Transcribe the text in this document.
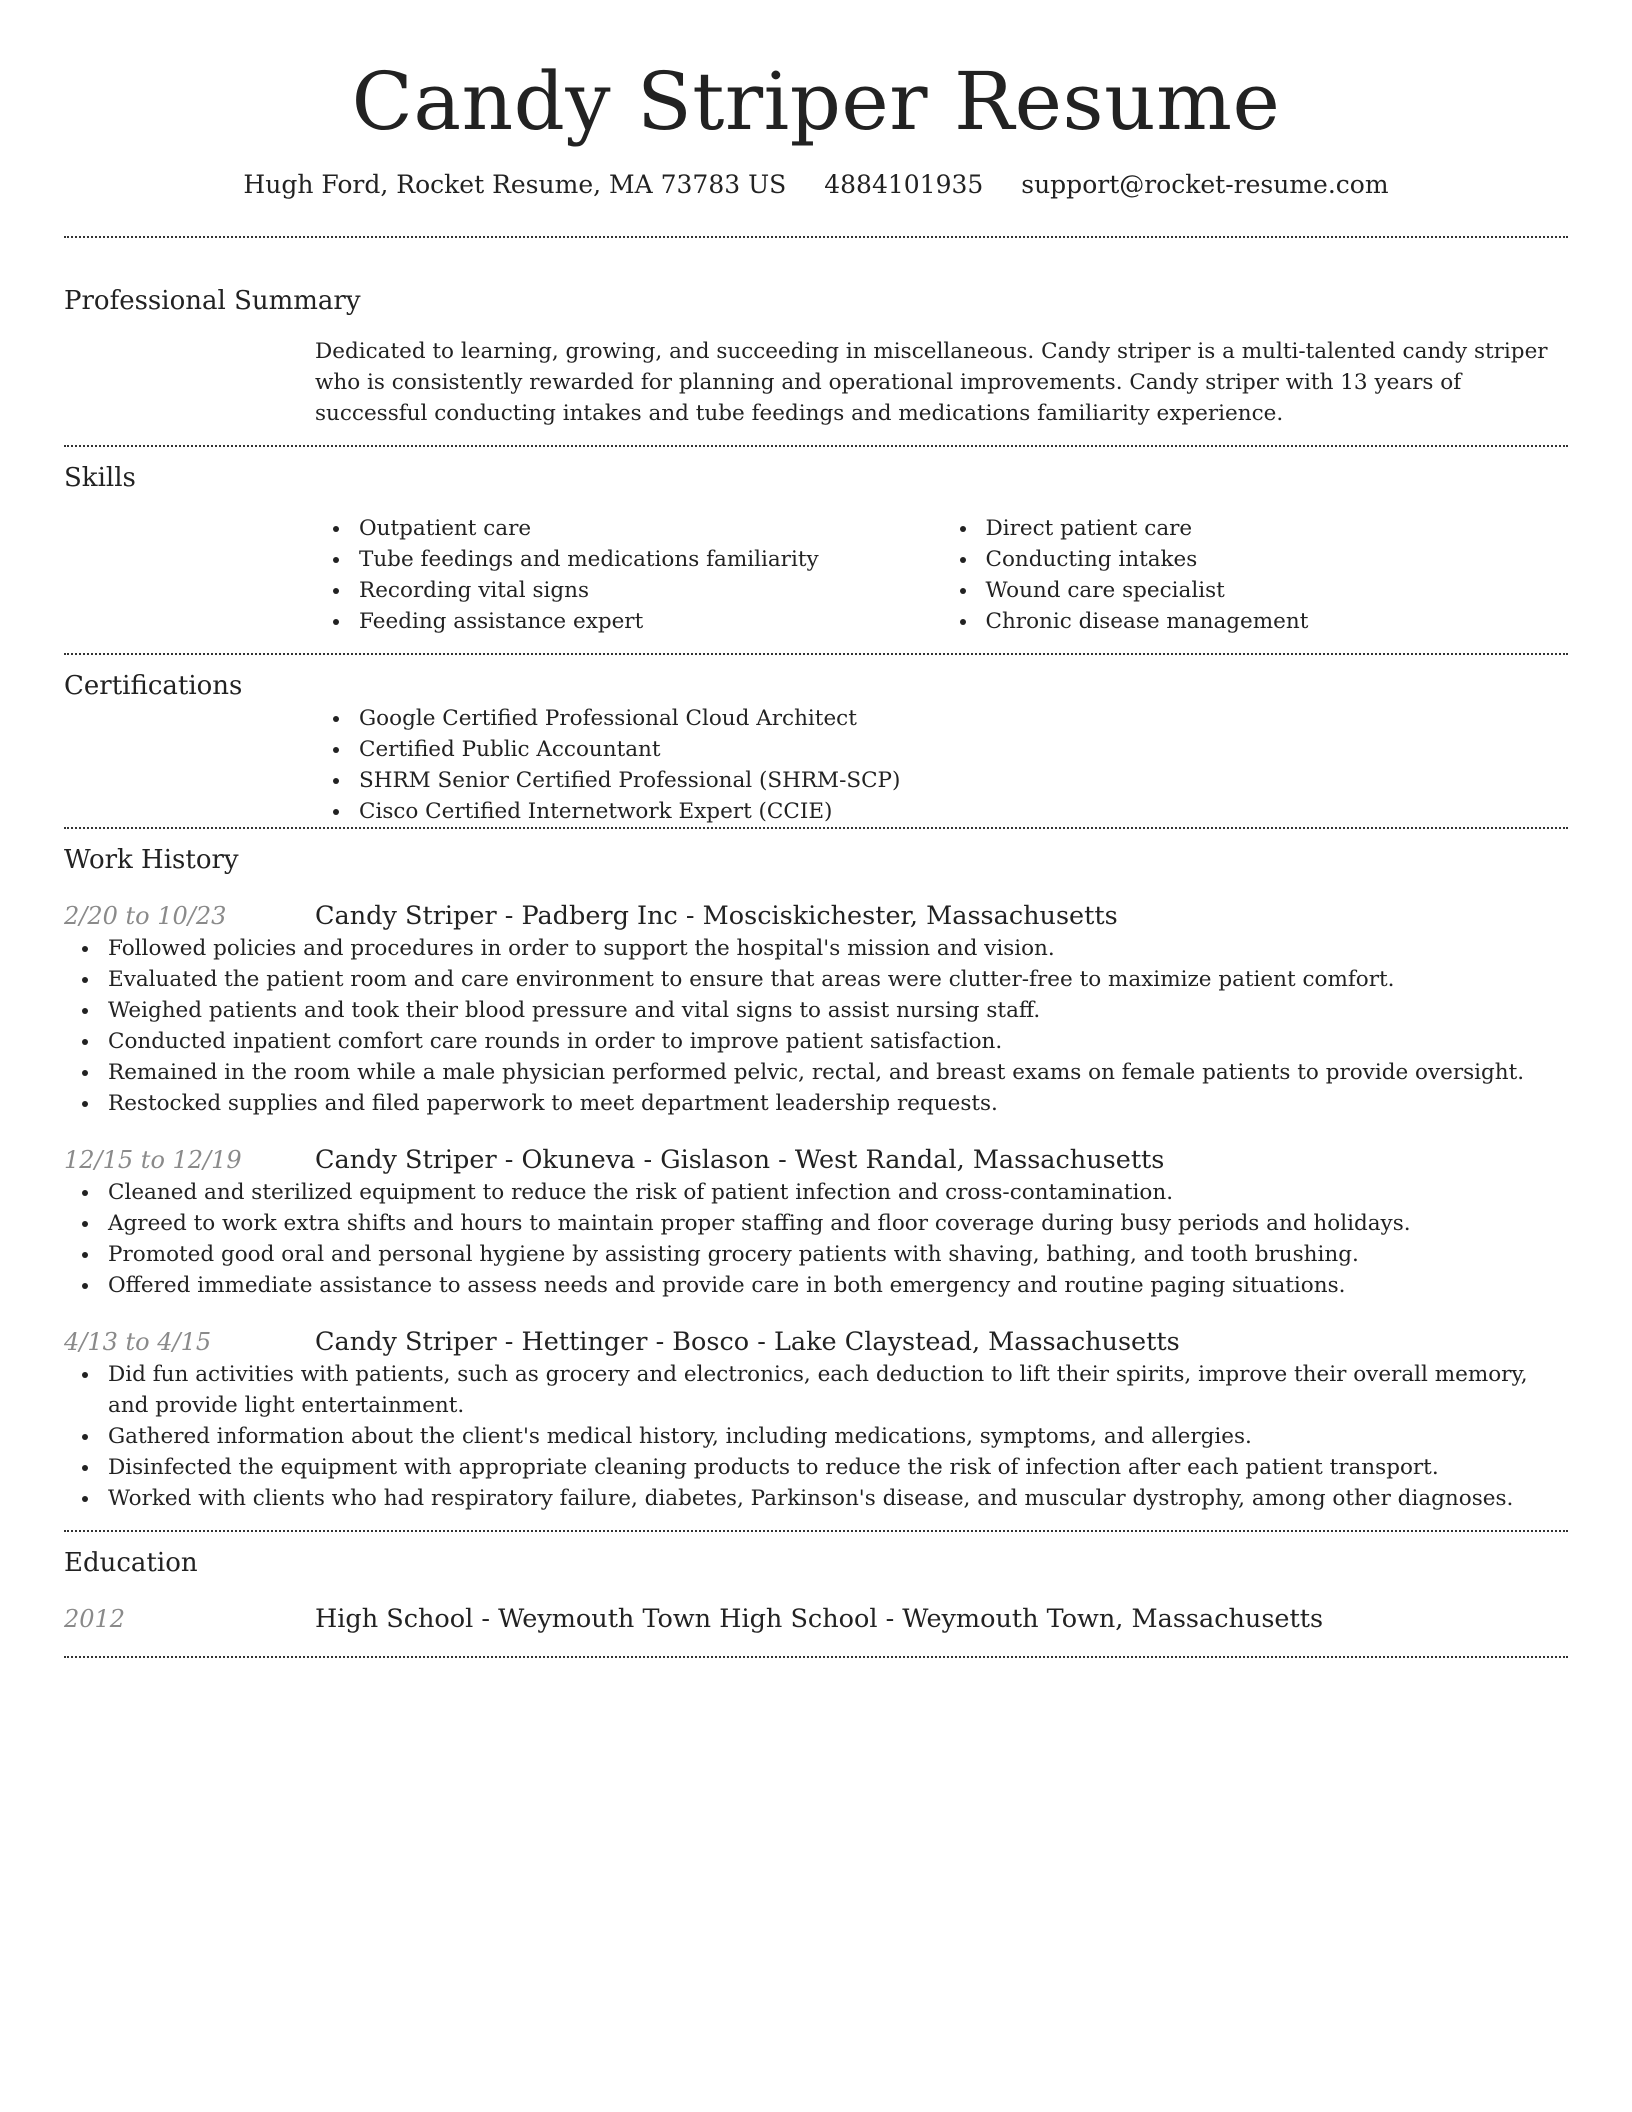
Candy Striper Resume
Hugh Ford, Rocket Resume, MA 73783 US 4884101935 support@rocket-resume.com
Professional Summary

Dedicated to learning, growing, and succeeding in miscellaneous. Candy striper is a multi-talented candy striper who is consistently rewarded for planning and operational improvements. Candy striper with 13 years of successful conducting intakes and tube feedings and medications familiarity experience.

Skills
Outpatient care
Tube feedings and medications familiarity
Recording vital signs
Feeding assistance expert
Direct patient care
Conducting intakes
Wound care specialist
Chronic disease management
Certifications
Google Certified Professional Cloud Architect
Certified Public Accountant
SHRM Senior Certified Professional (SHRM-SCP)
Cisco Certified Internetwork Expert (CCIE)
Work History
2/20 to 10/23	Candy Striper - Padberg Inc - Mosciskichester, Massachusetts
Followed policies and procedures in order to support the hospital's mission and vision.
Evaluated the patient room and care environment to ensure that areas were clutter-free to maximize patient comfort.
Weighed patients and took their blood pressure and vital signs to assist nursing staff.
Conducted inpatient comfort care rounds in order to improve patient satisfaction.
Remained in the room while a male physician performed pelvic, rectal, and breast exams on female patients to provide oversight.
Restocked supplies and filed paperwork to meet department leadership requests.
12/15 to 12/19	Candy Striper - Okuneva - Gislason - West Randal, Massachusetts
Cleaned and sterilized equipment to reduce the risk of patient infection and cross-contamination.
Agreed to work extra shifts and hours to maintain proper staffing and floor coverage during busy periods and holidays.
Promoted good oral and personal hygiene by assisting grocery patients with shaving, bathing, and tooth brushing.
Offered immediate assistance to assess needs and provide care in both emergency and routine paging situations.
4/13 to 4/15	Candy Striper - Hettinger - Bosco - Lake Claystead, Massachusetts
Did fun activities with patients, such as grocery and electronics, each deduction to lift their spirits, improve their overall memory, and provide light entertainment.
Gathered information about the client's medical history, including medications, symptoms, and allergies.
Disinfected the equipment with appropriate cleaning products to reduce the risk of infection after each patient transport.
Worked with clients who had respiratory failure, diabetes, Parkinson's disease, and muscular dystrophy, among other diagnoses.
Education
2012	High School - Weymouth Town High School - Weymouth Town, Massachusetts
